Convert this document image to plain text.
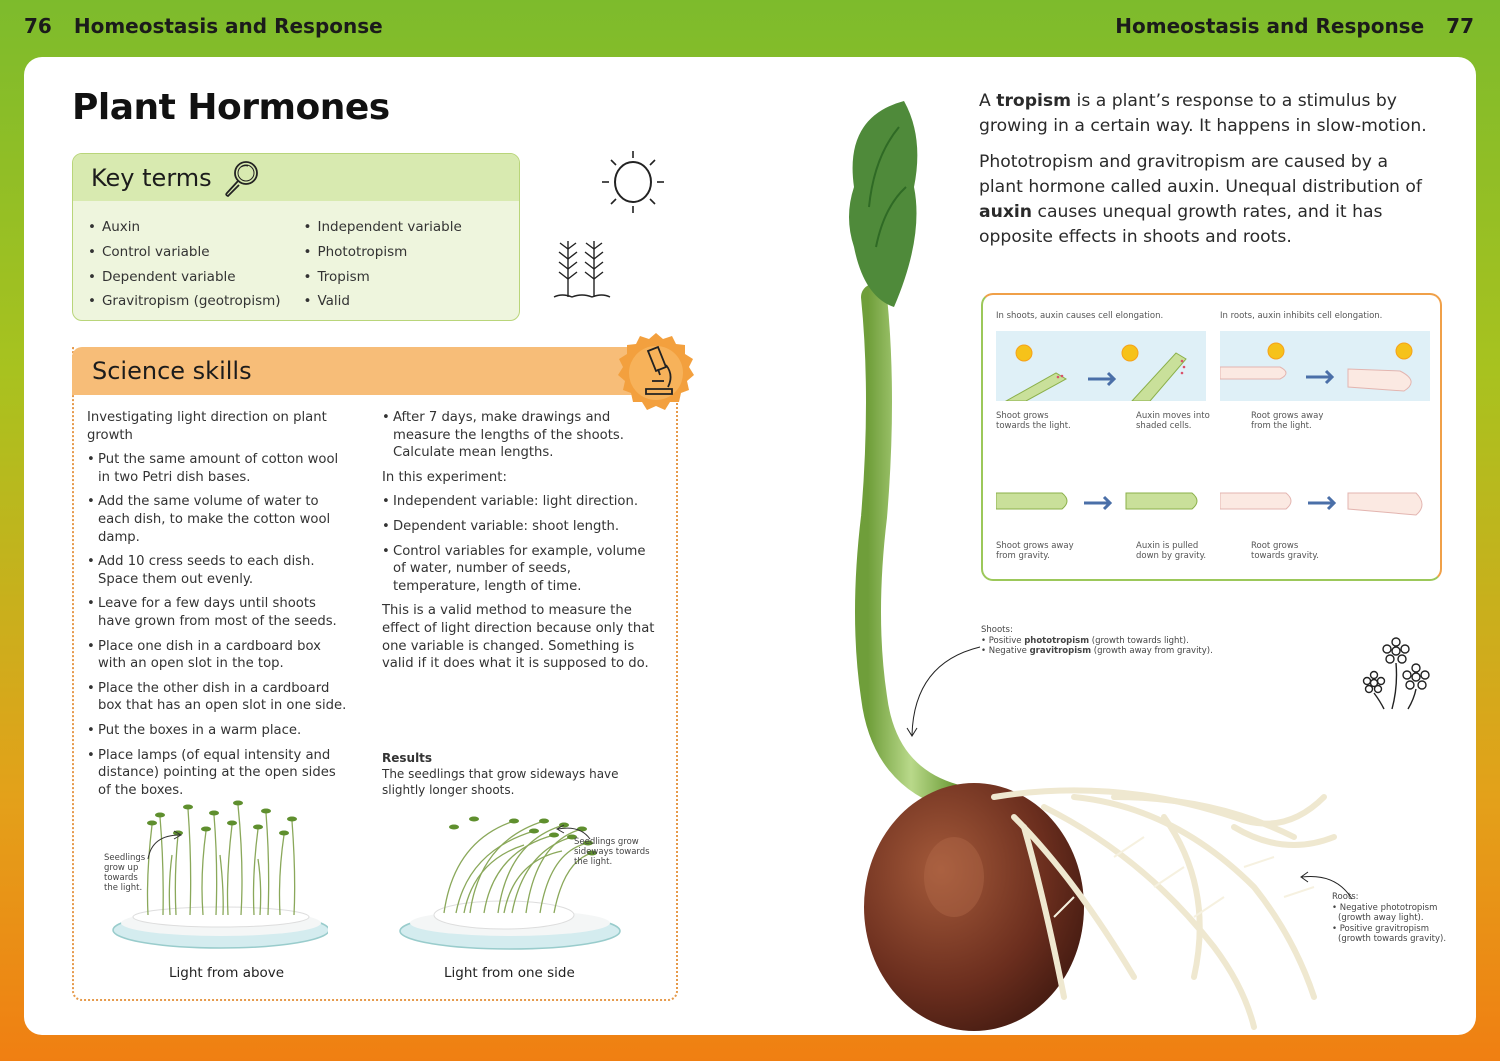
76 Homeostasis and Response	Homeostasis and Response 77
Plant Hormones
Key terms
• Auxin
• Control variable
• Dependent variable
• Gravitropism (geotropism)
• Independent variable
• Phototropism
• Tropism
• Valid
Science skills

Investigating light direction on plant growth

• Put the same amount of cotton wool in two Petri dish bases.
• Add the same volume of water to each dish, to make the cotton wool damp.
• Add 10 cress seeds to each dish. Space them out evenly.
• Leave for a few days until shoots have grown from most of the seeds.
• Place one dish in a cardboard box with an open slot in the top.
• Place the other dish in a cardboard box that has an open slot in one side.
• Put the boxes in a warm place.
• Place lamps (of equal intensity and distance) pointing at the open sides of the boxes.
• After 7 days, make drawings and measure the lengths of the shoots. Calculate mean lengths.

In this experiment:

• Independent variable: light direction.
• Dependent variable: shoot length.
• Control variables for example, volume of water, number of seeds, temperature, length of time.

This is a valid method to measure the effect of light direction because only that one variable is changed. Something is valid if it does what it is supposed to do.

Results
The seedlings that grow sideways have slightly longer shoots.
Seedlings grow up towards the light.
Light from above
Seedlings grow sideways towards the light.
Light from one side

A tropism is a plant’s response to a stimulus by growing in a certain way. It happens in slow-motion.

Phototropism and gravitropism are caused by a plant hormone called auxin. Unequal distribution of auxin causes unequal growth rates, and it has opposite effects in shoots and roots.

In shoots, auxin causes cell elongation.	In roots, auxin inhibits cell elongation.
Shoot grows towards the light.
Auxin moves into shaded cells.
Root grows away from the light.
Shoot grows away from gravity.
Auxin is pulled down by gravity.
Root grows towards gravity.
Shoots:
• Positive phototropism (growth towards light).
• Negative gravitropism (growth away from gravity).
Roots:
• Negative phototropism
(growth away light).
• Positive gravitropism
(growth towards gravity).
